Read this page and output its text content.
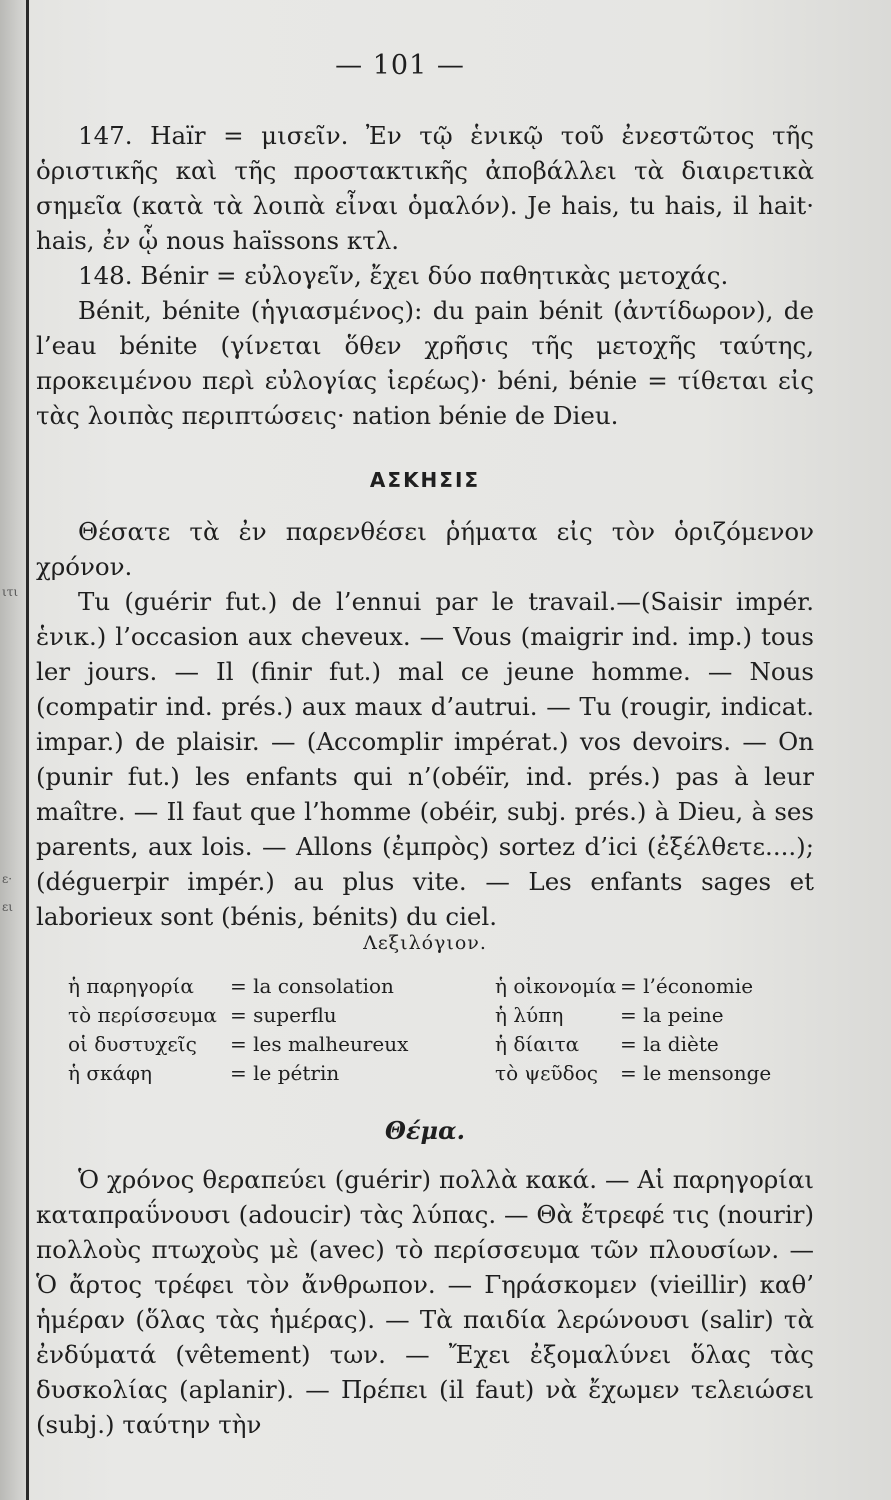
ιτι
ε·
ει
— 101 —

147. Haïr = μισεῖν. Ἐν τῷ ἑνικῷ τοῦ ἐνεστῶτος τῆς ὁριστικῆς καὶ τῆς προστακτικῆς ἀποβάλλει τὰ διαιρετικὰ σημεῖα (κατὰ τὰ λοιπὰ εἶναι ὁμαλόν). Je hais, tu hais, il hait· hais, ἐν ᾧ nous haïssons κτλ.

148. Bénir = εὐλογεῖν, ἔχει δύο παθητικὰς μετοχάς.

Bénit, bénite (ἡγιασμένος): du pain bénit (ἀντίδωρον), de l’eau bénite (γίνεται ὅθεν χρῆσις τῆς μετοχῆς ταύτης, προκειμένου περὶ εὐλογίας ἱερέως)· béni, bénie = τίθεται εἰς τὰς λοιπὰς περιπτώσεις· nation bénie de Dieu.

ΑΣΚΗΣΙΣ

Θέσατε τὰ ἐν παρενθέσει ῥήματα εἰς τὸν ὁριζόμενον χρόνον.

Tu (guérir fut.) de l’ennui par le travail.—(Saisir impér. ἑνικ.) l’occasion aux cheveux. — Vous (maigrir ind. imp.) tous ler jours. — Il (finir fut.) mal ce jeune homme. — Nous (compatir ind. prés.) aux maux d’autrui. — Tu (rougir, indicat. impar.) de plaisir. — (Accomplir impérat.) vos devoirs. — On (punir fut.) les enfants qui n’(obéïr, ind. prés.) pas à leur maître. — Il faut que l’homme (obéir, subj. prés.) à Dieu, à ses parents, aux lois. — Allons (ἐμπρὸς) sortez d’ici (ἐξέλθετε....); (déguerpir impér.) au plus vite. — Les enfants sages et laborieux sont (bénis, bénits) du ciel.

Λεξιλόγιον.
ἡ παρηγορία = la consolation
τὸ περίσσευμα = superflu
οἱ δυστυχεῖς = les malheureux
ἡ σκάφη	= le pétrin
ἡ οἰκονομία = l’économie
ἡ λύπη	= la peine
ἡ δίαιτα = la diète
τὸ ψεῦδος = le mensonge
Θέμα.

Ὁ χρόνος θεραπεύει (guérir) πολλὰ κακά. — Αἱ παρηγορίαι καταπραΰνουσι (adoucir) τὰς λύπας. — Θὰ ἔτρεφέ τις (nourir) πολλοὺς πτωχοὺς μὲ (avec) τὸ περίσσευμα τῶν πλουσίων. — Ὁ ἄρτος τρέφει τὸν ἄνθρωπον. — Γηράσκομεν (vieillir) καθ’ ἡμέραν (ὅλας τὰς ἡμέρας). — Τὰ παιδία λερώνουσι (salir) τὰ ἐνδύματά (vêtement) των. — Ἔχει ἐξομαλύνει ὅλας τὰς δυσκολίας (aplanir). — Πρέπει (il faut) νὰ ἔχωμεν τελειώσει (subj.) ταύτην τὴν
